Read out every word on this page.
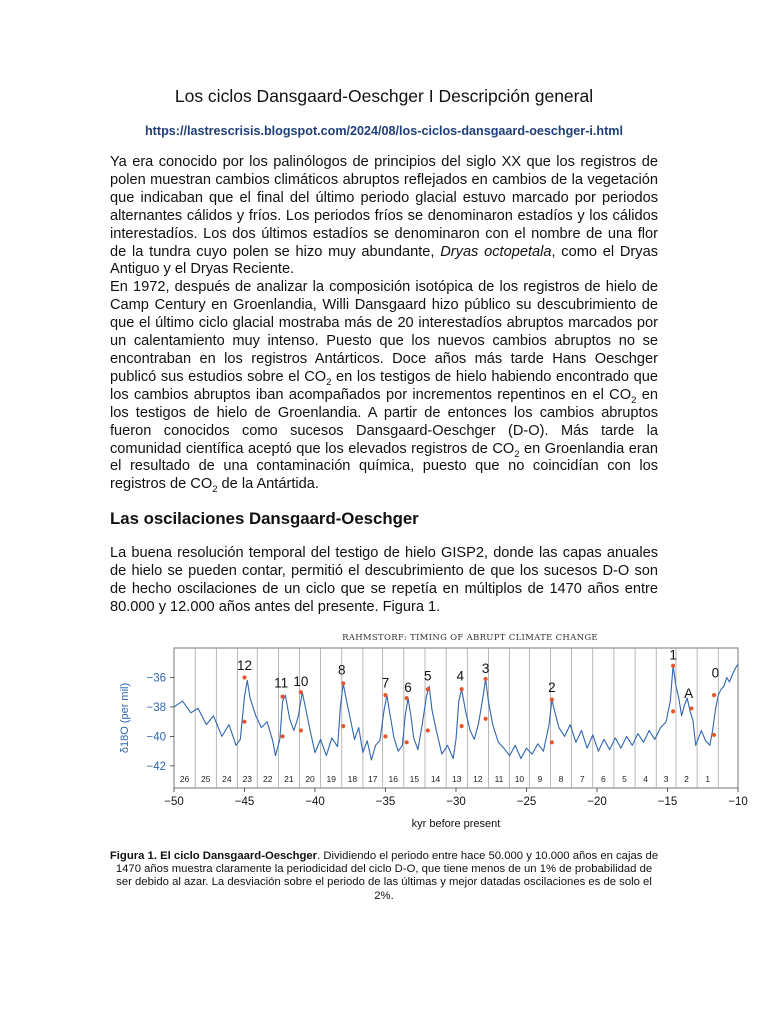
Los ciclos Dansgaard-Oeschger I Descripción general
https://lastrescrisis.blogspot.com/2024/08/los-ciclos-dansgaard-oeschger-i.html
Ya era conocido por los palinólogos de principios del siglo XX que los registros de polen muestran cambios climáticos abruptos reflejados en cambios de la vegetación que indicaban que el final del último periodo glacial estuvo marcado por periodos alternantes cálidos y fríos. Los periodos fríos se denominaron estadíos y los cálidos interestadíos. Los dos últimos estadíos se denominaron con el nombre de una flor de la tundra cuyo polen se hizo muy abundante, Dryas octopetala, como el Dryas Antiguo y el Dryas Reciente.
En 1972, después de analizar la composición isotópica de los registros de hielo de Camp Century en Groenlandia, Willi Dansgaard hizo público su descubrimiento de que el último ciclo glacial mostraba más de 20 interestadíos abruptos marcados por un calentamiento muy intenso. Puesto que los nuevos cambios abruptos no se encontraban en los registros Antárticos. Doce años más tarde Hans Oeschger publicó sus estudios sobre el $CO_2$ en los testigos de hielo habiendo encontrado que los cambios abruptos iban acompañados por incrementos repentinos en el $CO_2$ en los testigos de hielo de Groenlandia. A partir de entonces los cambios abruptos fueron conocidos como sucesos Dansgaard-Oeschger (D-O). Más tarde la comunidad científica aceptó que los elevados registros de $CO_2$ en Groenlandia eran el resultado de una contaminación química, puesto que no coincidían con los registros de $CO_2$ de la Antártida.
Las oscilaciones Dansgaard-Oeschger
La buena resolución temporal del testigo de hielo GISP2, donde las capas anuales de hielo se pueden contar, permitió el descubrimiento de que los sucesos D-O son de hecho oscilaciones de un ciclo que se repetía en múltiplos de 1470 años entre 80.000 y 12.000 años antes del presente. Figura 1.
RAHMSTORF: TIMING OF ABRUPT CLIMATE CHANGE
26 25 24 23 22 21 20 19 18 17 16 15 14 13 12 11 10 9 8 7 6 5 4 3 2 1
12
11 10
8
7 6
5 4 3
2
1
A
0
−36
−38
−40
−42
−50	−45	−40	−35	−30	−25	−20	−15	−10
kyr before present
δ18O (per mil)
Figura 1. El ciclo Dansgaard-Oeschger. Dividiendo el periodo entre hace 50.000 y 10.000 años en cajas de 1470 años muestra claramente la periodicidad del ciclo D-O, que tiene menos de un 1% de probabilidad de ser debido al azar. La desviación sobre el periodo de las últimas y mejor datadas oscilaciones es de solo el 2%.
